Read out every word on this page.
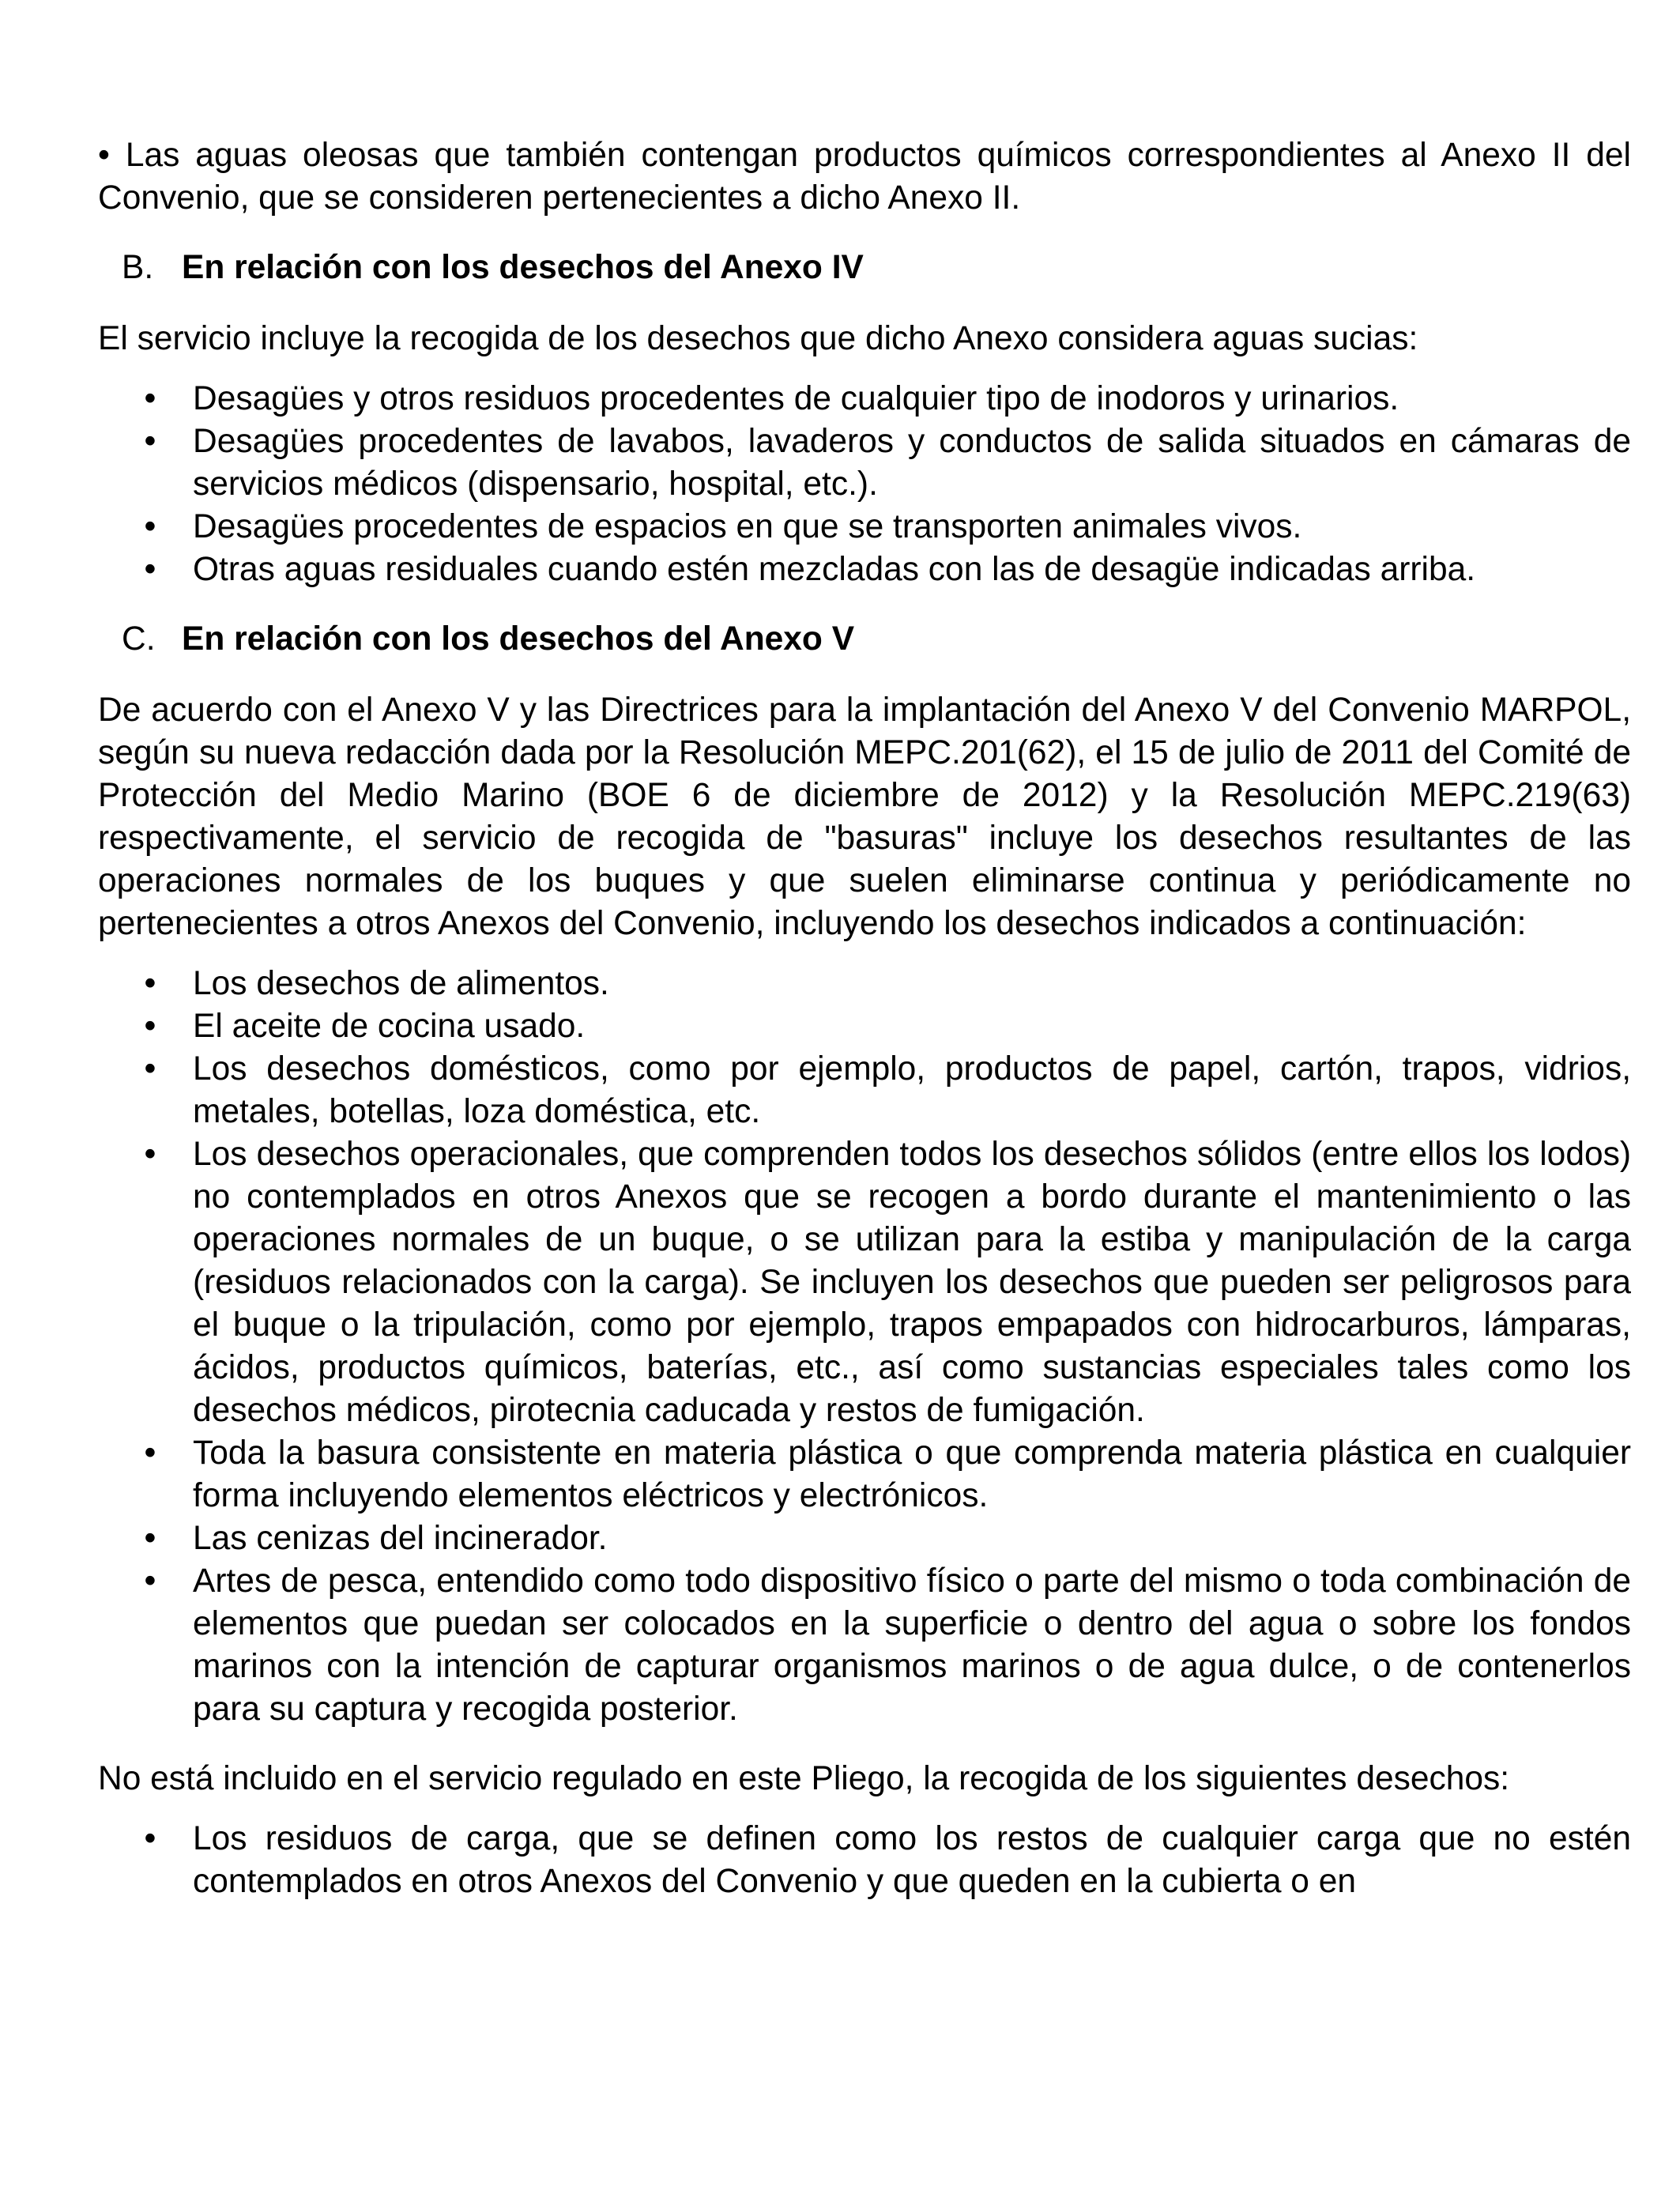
• Las aguas oleosas que también contengan productos químicos correspondientes al Anexo II del Convenio, que se consideren pertenecientes a dicho Anexo II.

B. En relación con los desechos del Anexo IV

El servicio incluye la recogida de los desechos que dicho Anexo considera aguas sucias:

• Desagües y otros residuos procedentes de cualquier tipo de inodoros y urinarios.
• Desagües procedentes de lavabos, lavaderos y conductos de salida situados en cámaras de servicios médicos (dispensario, hospital, etc.).
• Desagües procedentes de espacios en que se transporten animales vivos.
• Otras aguas residuales cuando estén mezcladas con las de desagüe indicadas arriba.
C. En relación con los desechos del Anexo V

De acuerdo con el Anexo V y las Directrices para la implantación del Anexo V del Convenio MARPOL, según su nueva redacción dada por la Resolución MEPC.201(62), el 15 de julio de 2011 del Comité de Protección del Medio Marino (BOE 6 de diciembre de 2012) y la Resolución MEPC.219(63) respectivamente, el servicio de recogida de "basuras" incluye los desechos resultantes de las operaciones normales de los buques y que suelen eliminarse continua y periódicamente no pertenecientes a otros Anexos del Convenio, incluyendo los desechos indicados a continuación:

• Los desechos de alimentos.
• El aceite de cocina usado.
• Los desechos domésticos, como por ejemplo, productos de papel, cartón, trapos, vidrios, metales, botellas, loza doméstica, etc.
• Los desechos operacionales, que comprenden todos los desechos sólidos (entre ellos los lodos) no contemplados en otros Anexos que se recogen a bordo durante el mantenimiento o las operaciones normales de un buque, o se utilizan para la estiba y manipulación de la carga (residuos relacionados con la carga). Se incluyen los desechos que pueden ser peligrosos para el buque o la tripulación, como por ejemplo, trapos empapados con hidrocarburos, lámparas, ácidos, productos químicos, baterías, etc., así como sustancias especiales tales como los desechos médicos, pirotecnia caducada y restos de fumigación.
• Toda la basura consistente en materia plástica o que comprenda materia plástica en cualquier forma incluyendo elementos eléctricos y electrónicos.
• Las cenizas del incinerador.
• Artes de pesca, entendido como todo dispositivo físico o parte del mismo o toda combinación de elementos que puedan ser colocados en la superficie o dentro del agua o sobre los fondos marinos con la intención de capturar organismos marinos o de agua dulce, o de contenerlos para su captura y recogida posterior.

No está incluido en el servicio regulado en este Pliego, la recogida de los siguientes desechos:

• Los residuos de carga, que se definen como los restos de cualquier carga que no estén contemplados en otros Anexos del Convenio y que queden en la cubierta o en
